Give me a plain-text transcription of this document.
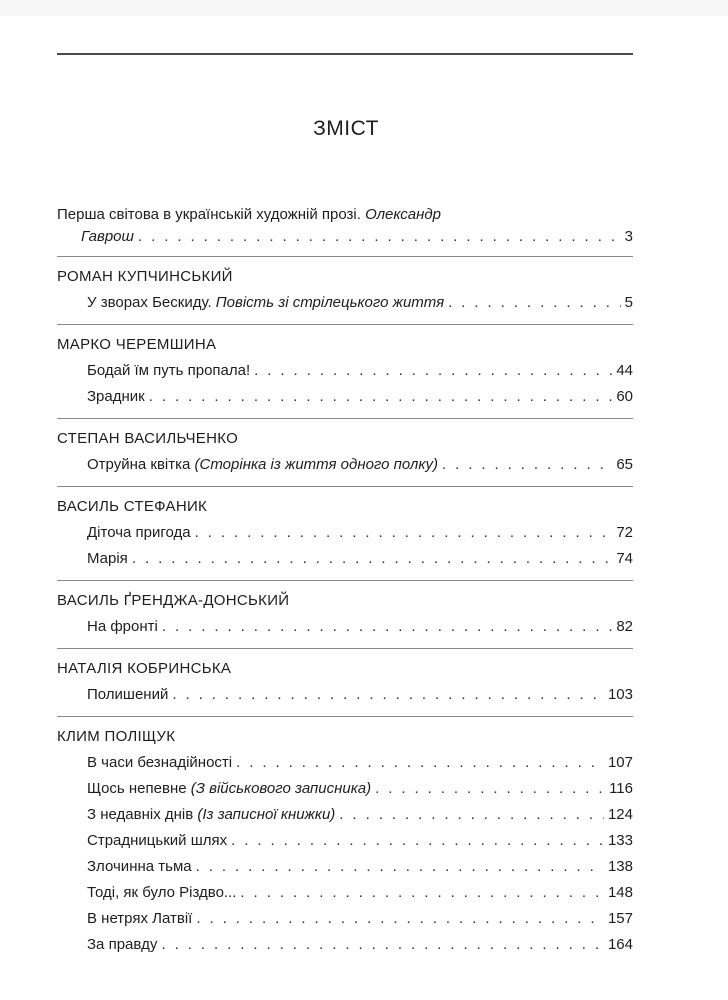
ЗМІСТ
Перша світова в українській художній прозі. Олександр
Гаврош . . .	3
РОМАН КУПЧИНСЬКИЙ
У зворах Бескиду. Повість зі стрілецького життя . . .	5
МАРКО ЧЕРЕМШИНА
Бодай їм путь пропала! . . .	44
Зрадник . . .	60
СТЕПАН ВАСИЛЬЧЕНКО
Отруйна квітка (Сторінка із життя одного полку) . . .	65
ВАСИЛЬ СТЕФАНИК
Діточа пригода . . .	72
Марія . . .	74
ВАСИЛЬ ҐРЕНДЖА-ДОНСЬКИЙ
На фронті . . .	82
НАТАЛІЯ КОБРИНСЬКА
Полишений . . .	103
КЛИМ ПОЛІЩУК
В часи безнадійності . . .	107
Щось непевне (З військового записника) . . .	116
З недавніх днів (Із записної книжки) . . .	124
Страдницький шлях . . .	133
Злочинна тьма . . .	138
Тоді, як було Різдво... . . .	148
В нетрях Латвії . . .	157
За правду . . .	164
